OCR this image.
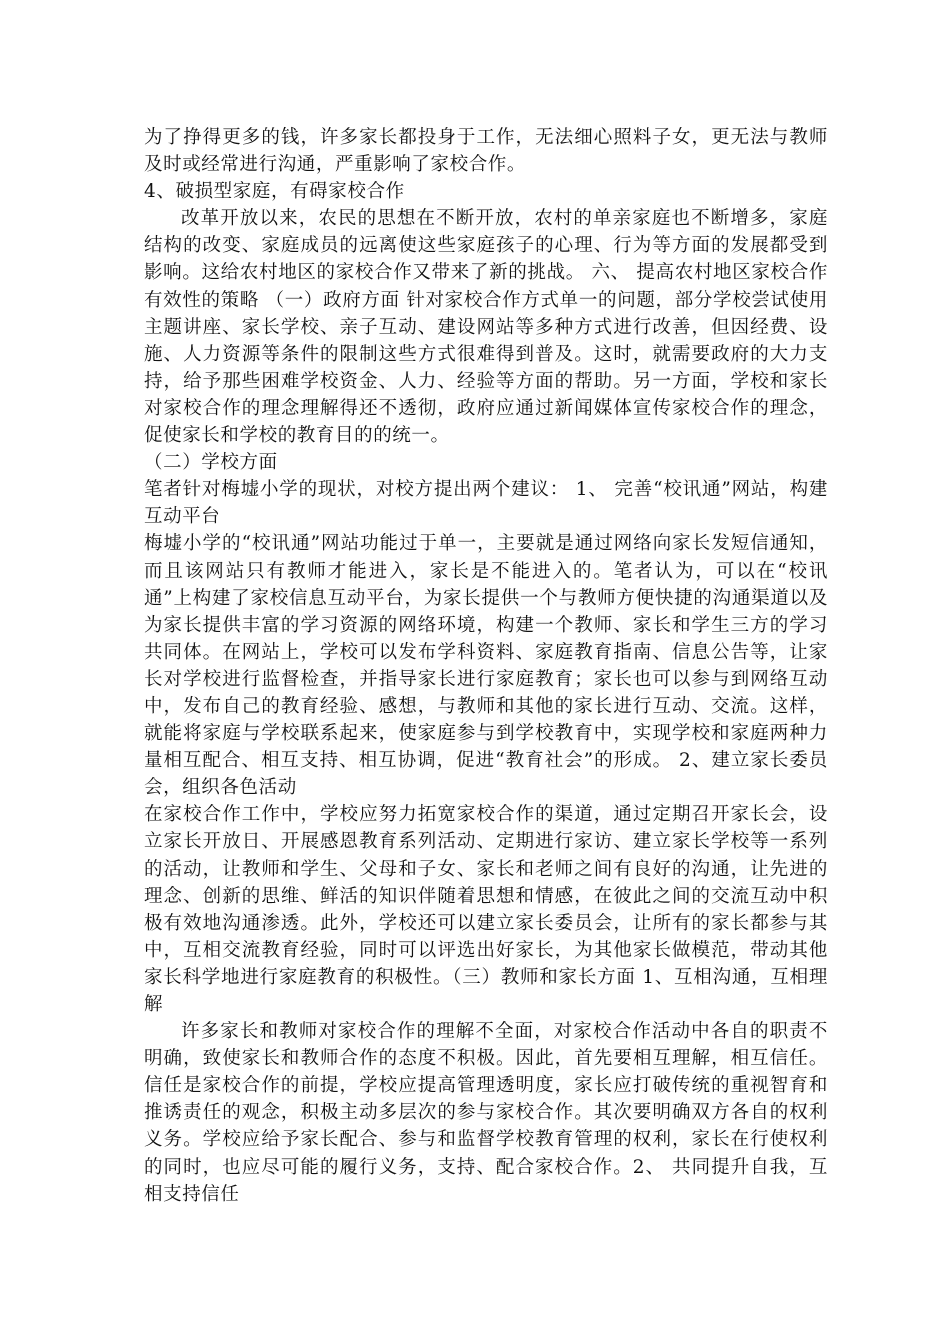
为了挣得更多的钱，许多家长都投身于工作，无法细心照料子女，更无法与教师及时或经常进行沟通，严重影响了家校合作。

4、破损型家庭，有碍家校合作

改革开放以来，农民的思想在不断开放，农村的单亲家庭也不断增多，家庭结构的改变、家庭成员的远离使这些家庭孩子的心理、行为等方面的发展都受到影响。这给农村地区的家校合作又带来了新的挑战。 六、 提高农村地区家校合作有效性的策略 （一）政府方面 针对家校合作方式单一的问题，部分学校尝试使用主题讲座、家长学校、亲子互动、建设网站等多种方式进行改善，但因经费、设施、人力资源等条件的限制这些方式很难得到普及。这时，就需要政府的大力支持，给予那些困难学校资金、人力、经验等方面的帮助。另一方面，学校和家长对家校合作的理念理解得还不透彻，政府应通过新闻媒体宣传家校合作的理念，促使家长和学校的教育目的的统一。

（二）学校方面

笔者针对梅墟小学的现状，对校方提出两个建议： 1、 完善“校讯通”网站，构建互动平台

梅墟小学的“校讯通”网站功能过于单一，主要就是通过网络向家长发短信通知，而且该网站只有教师才能进入，家长是不能进入的。笔者认为，可以在“校讯通”上构建了家校信息互动平台，为家长提供一个与教师方便快捷的沟通渠道以及为家长提供丰富的学习资源的网络环境，构建一个教师、家长和学生三方的学习共同体。在网站上，学校可以发布学科资料、家庭教育指南、信息公告等，让家长对学校进行监督检查，并指导家长进行家庭教育；家长也可以参与到网络互动中，发布自己的教育经验、感想，与教师和其他的家长进行互动、交流。这样，就能将家庭与学校联系起来，使家庭参与到学校教育中，实现学校和家庭两种力量相互配合、相互支持、相互协调，促进“教育社会”的形成。 2、建立家长委员会，组织各色活动

在家校合作工作中，学校应努力拓宽家校合作的渠道，通过定期召开家长会，设立家长开放日、开展感恩教育系列活动、定期进行家访、建立家长学校等一系列的活动，让教师和学生、父母和子女、家长和老师之间有良好的沟通，让先进的理念、创新的思维、鲜活的知识伴随着思想和情感，在彼此之间的交流互动中积极有效地沟通渗透。此外，学校还可以建立家长委员会，让所有的家长都参与其中，互相交流教育经验，同时可以评选出好家长，为其他家长做模范，带动其他家长科学地进行家庭教育的积极性。（三）教师和家长方面 1、互相沟通，互相理解

许多家长和教师对家校合作的理解不全面，对家校合作活动中各自的职责不明确，致使家长和教师合作的态度不积极。因此，首先要相互理解，相互信任。信任是家校合作的前提，学校应提高管理透明度，家长应打破传统的重视智育和推诱责任的观念，积极主动多层次的参与家校合作。其次要明确双方各自的权利义务。学校应给予家长配合、参与和监督学校教育管理的权利，家长在行使权利的同时，也应尽可能的履行义务，支持、配合家校合作。2、 共同提升自我，互相支持信任
